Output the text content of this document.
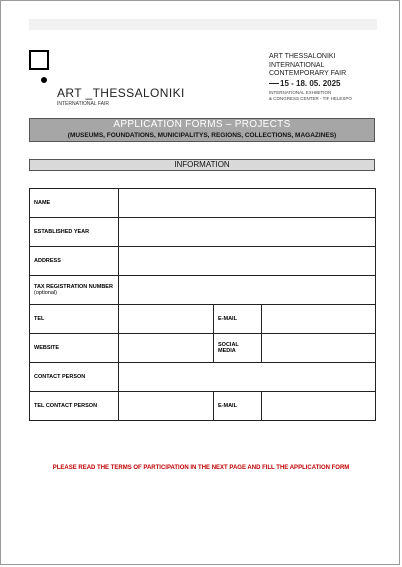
ART _THESSALONIKI
INTERNATIONAL FAIR
ART THESSALONIKI
INTERNATIONAL
CONTEMPORARY FAIR
15 - 18. 05. 2025
INTERNATIONAL EXHIBITION
& CONGRESS CENTER - TIF HELEXPO
APPLICATION FORMS – PROJECTS
(MUSEUMS, FOUNDATIONS, MUNICIPALITYS, REGIONS, COLLECTIONS, MAGAZINES)
INFORMATION
NAME			
ESTABLISHED YEAR			
ADDRESS			

TAX REGISTRATION NUMBER
(optional)			

TEL		E-MAIL	
WEBSITE		SOCIAL MEDIA	
CONTACT PERSON			
TEL CONTACT PERSON		E-MAIL	
PLEASE READ THE TERMS OF PARTICIPATION IN THE NEXT PAGE AND FILL THE APPLICATION FORM
